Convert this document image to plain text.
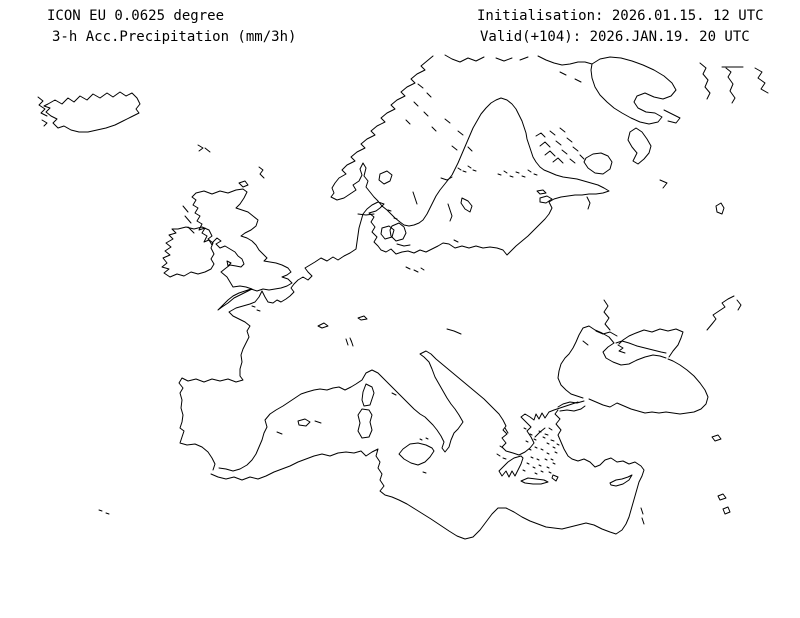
ICON EU 0.0625 degree
3-h Acc.Precipitation (mm/3h)
Initialisation: 2026.01.15. 12 UTC
Valid(+104): 2026.JAN.19. 20 UTC
